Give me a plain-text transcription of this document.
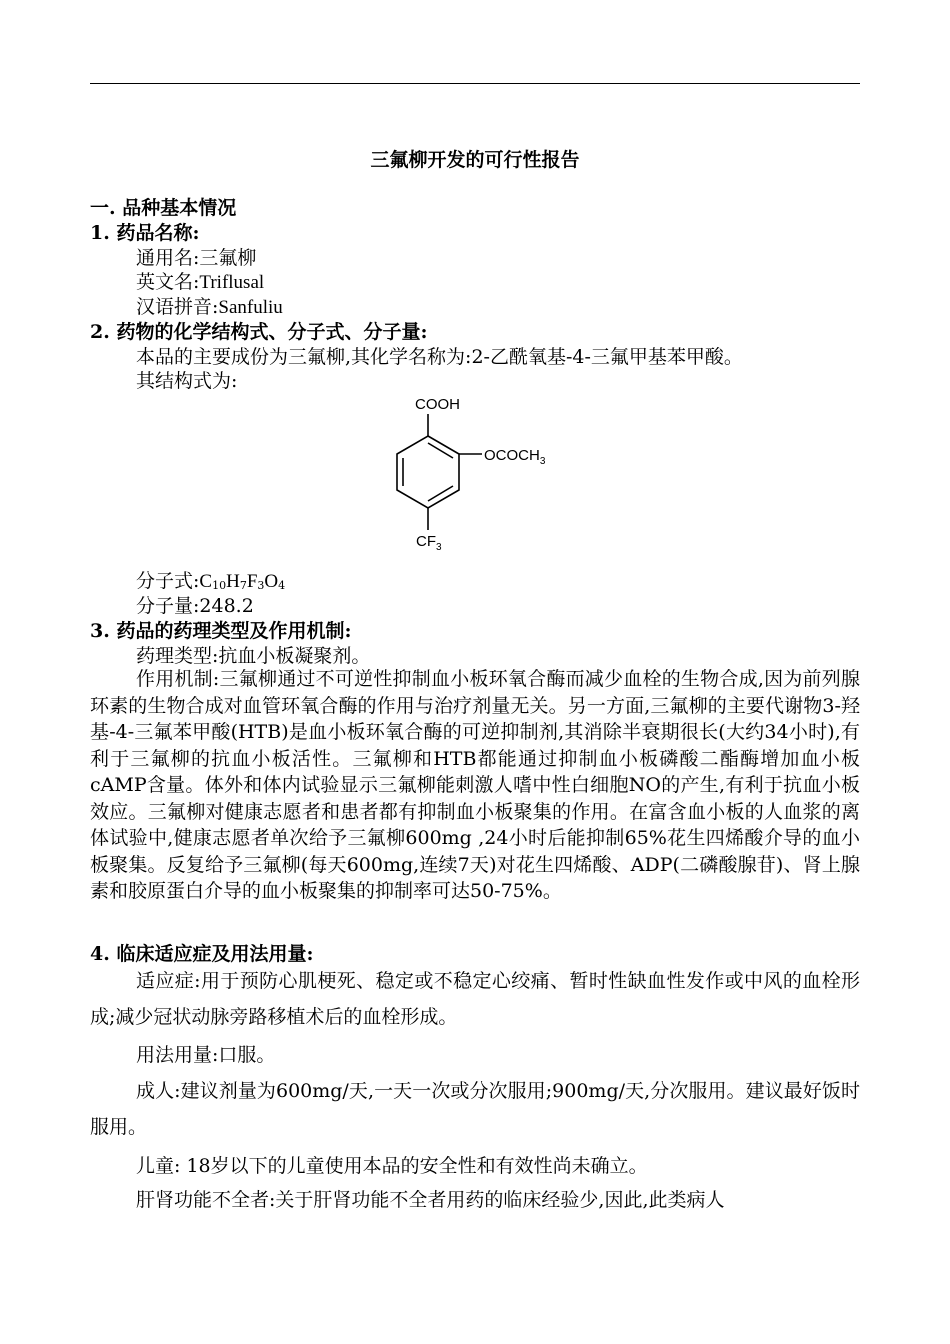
三氟柳开发的可行性报告
一. 品种基本情况
1. 药品名称:
通用名:三氟柳
英文名:Triflusal
汉语拼音:Sanfuliu
2. 药物的化学结构式、分子式、分子量:
本品的主要成份为三氟柳,其化学名称为:2-乙酰氧基-4-三氟甲基苯甲酸。
其结构式为:
COOH
$OCOCH_3$
$CF_3$
分子式:C10H7F3O4
分子量:248.2
3. 药品的药理类型及作用机制:
药理类型:抗血小板凝聚剂。
作用机制:三氟柳通过不可逆性抑制血小板环氧合酶而减少血栓的生物合成,因为前列腺环素的生物合成对血管环氧合酶的作用与治疗剂量无关。另一方面,三氟柳的主要代谢物3-羟基-4-三氟苯甲酸(HTB)是血小板环氧合酶的可逆抑制剂,其消除半衰期很长(大约34小时),有利于三氟柳的抗血小板活性。三氟柳和HTB都能通过抑制血小板磷酸二酯酶增加血小板cAMP含量。体外和体内试验显示三氟柳能刺激人嗜中性白细胞NO的产生,有利于抗血小板效应。三氟柳对健康志愿者和患者都有抑制血小板聚集的作用。在富含血小板的人血浆的离体试验中,健康志愿者单次给予三氟柳600mg ,24小时后能抑制65%花生四烯酸介导的血小板聚集。反复给予三氟柳(每天600mg,连续7天)对花生四烯酸、ADP(二磷酸腺苷)、肾上腺素和胶原蛋白介导的血小板聚集的抑制率可达50-75%。
4. 临床适应症及用法用量:
适应症:用于预防心肌梗死、稳定或不稳定心绞痛、暂时性缺血性发作或中风的血栓形成;减少冠状动脉旁路移植术后的血栓形成。
用法用量:口服。
成人:建议剂量为600mg/天,一天一次或分次服用;900mg/天,分次服用。建议最好饭时服用。
儿童: 18岁以下的儿童使用本品的安全性和有效性尚未确立。
肝肾功能不全者:关于肝肾功能不全者用药的临床经验少,因此,此类病人
